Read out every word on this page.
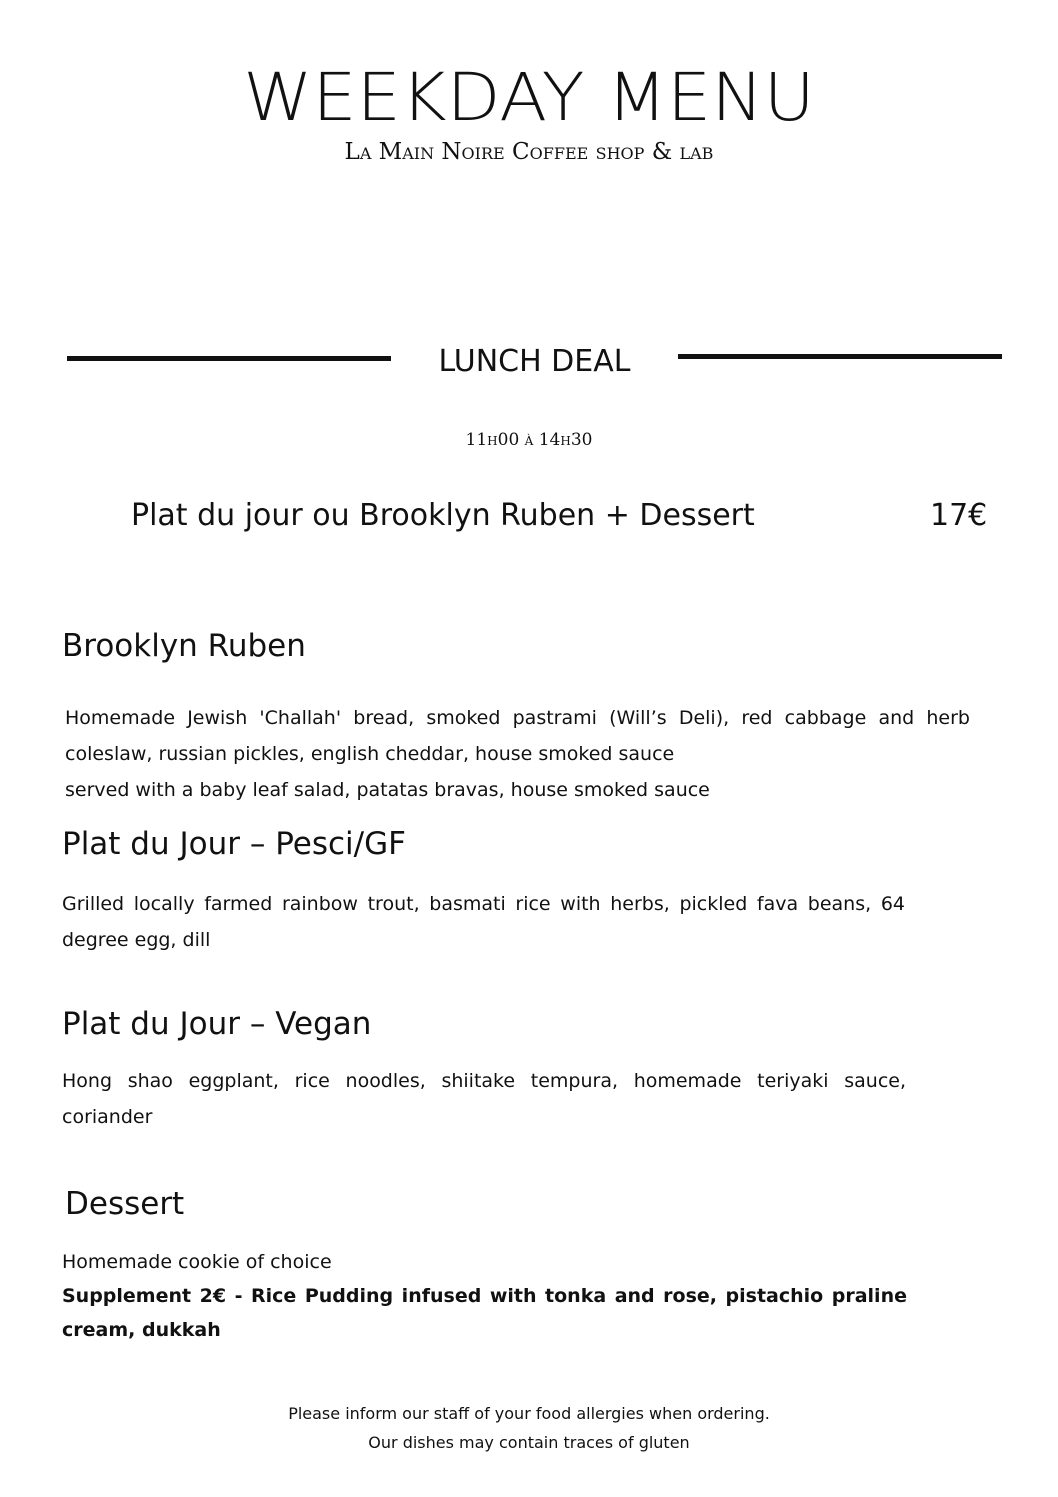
WEEKDAY MENU
La Main Noire Coffee shop & lab
LUNCH DEAL
11h00 à 14h30
Plat du jour ou Brooklyn Ruben + Dessert	17€
Brooklyn Ruben
Homemade Jewish 'Challah' bread, smoked pastrami (Will’s Deli), red cabbage and herb
coleslaw, russian pickles, english cheddar, house smoked sauce
served with a baby leaf salad, patatas bravas, house smoked sauce
Plat du Jour – Pesci/GF
Grilled locally farmed rainbow trout, basmati rice with herbs, pickled fava beans, 64
degree egg, dill
Plat du Jour – Vegan
Hong shao eggplant, rice noodles, shiitake tempura, homemade teriyaki sauce,
coriander
Dessert
Homemade cookie of choice
Supplement 2€ - Rice Pudding infused with tonka and rose, pistachio praline
cream, dukkah
Please inform our staff of your food allergies when ordering.
Our dishes may contain traces of gluten
